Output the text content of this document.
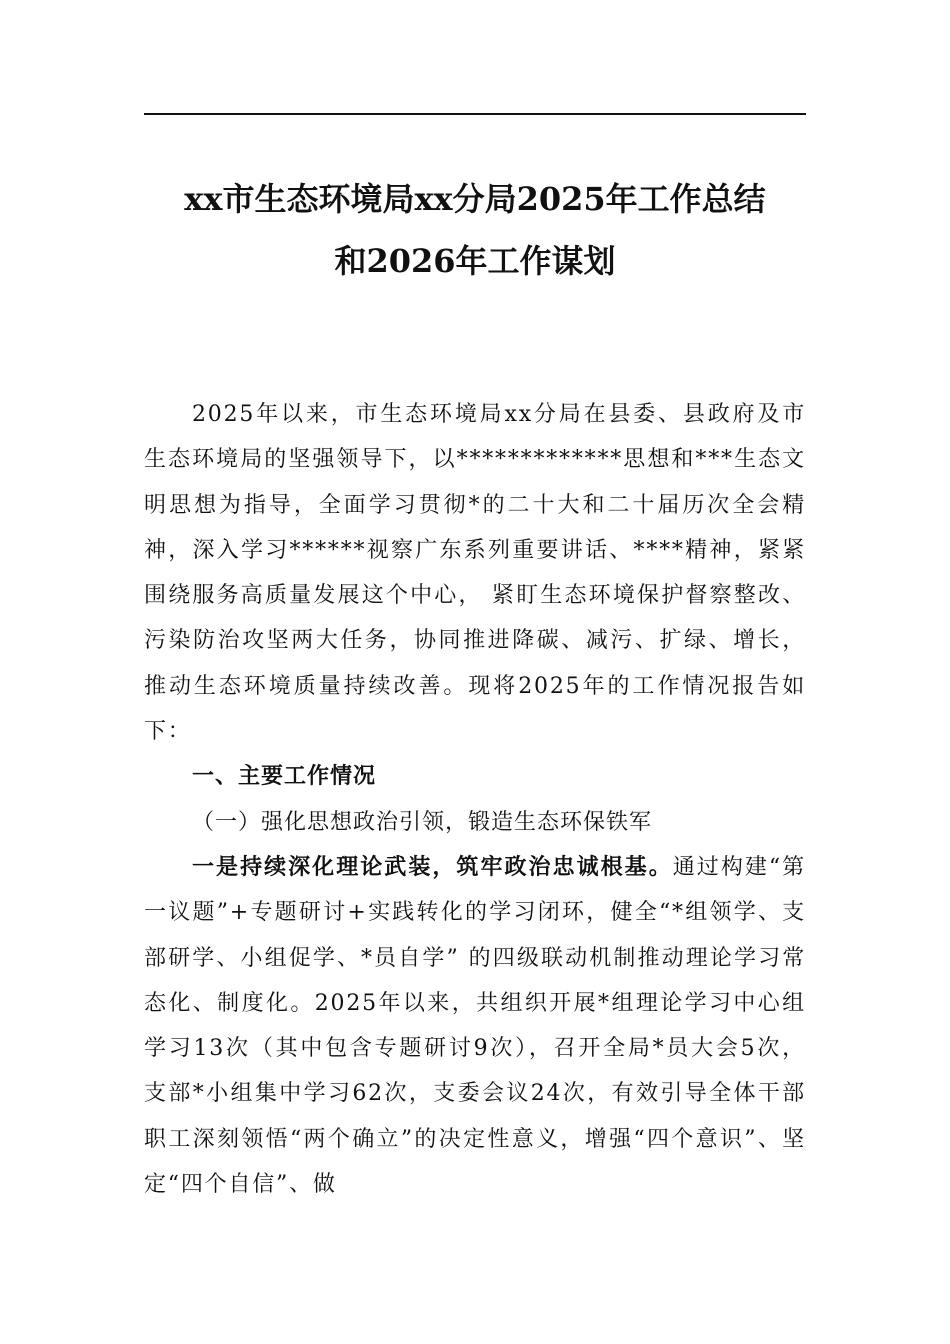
xx市生态环境局xx分局2025年工作总结
和2026年工作谋划

2025年以来，市生态环境局xx分局在县委、县政府及市生态环境局的坚强领导下，以*************思想和***生态文明思想为指导，全面学习贯彻*的二十大和二十届历次全会精神，深入学习******视察广东系列重要讲话、****精神，紧紧围绕服务高质量发展这个中心， 紧盯生态环境保护督察整改、污染防治攻坚两大任务，协同推进降碳、减污、扩绿、增长，推动生态环境质量持续改善。现将2025年的工作情况报告如下：

一、主要工作情况

（一）强化思想政治引领，锻造生态环保铁军

一是持续深化理论武装，筑牢政治忠诚根基。通过构建“第一议题”+专题研讨+实践转化的学习闭环，健全“*组领学、支部研学、小组促学、*员自学” 的四级联动机制推动理论学习常态化、制度化。2025年以来，共组织开展*组理论学习中心组学习13次（其中包含专题研讨9次），召开全局*员大会5次， 支部*小组集中学习62次，支委会议24次，有效引导全体干部职工深刻领悟“两个确立”的决定性意义，增强“四个意识”、坚定“四个自信”、做
